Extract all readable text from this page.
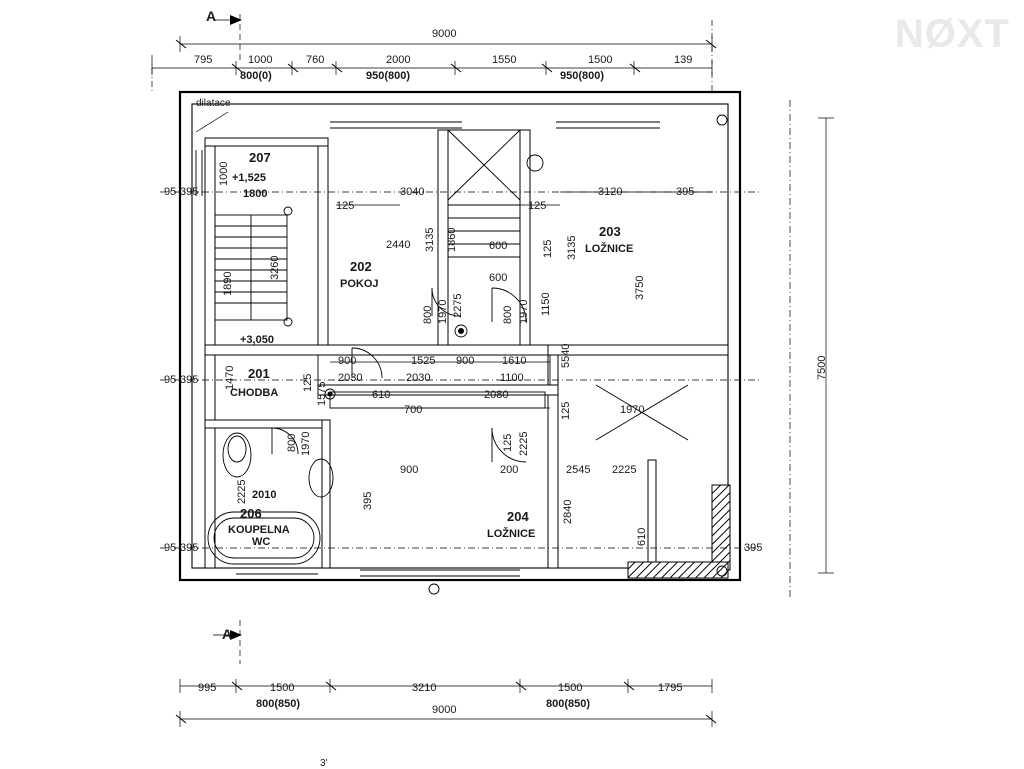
NØXT
A
A
dilatace
9000
795	1000	760	2000	1550	1500	139
800(0)	950(800)	950(800)
995	1500	3210	1500	1795
800(850)	800(850)
9000
7500
95 395
95 395
95 395
395
395
207
+1,525
1800
202
POKOJ
203
LOŽNICE
+3,050
201
CHODBA
204
LOŽNICE
2010
206
KOUPELNA
WC
125
3040	3120
125
2440	600
600
900	1525 900	1610
2030	2030	1100
610	2080
700
900	200	2545 2225
1970
1000
1890
3260
3135 1860	125 3135
800 1970 2275	800 1970 1150
3750
1470	125 1575
5540
125
800 1970	125 2225
2225	395	2840
610
3'
